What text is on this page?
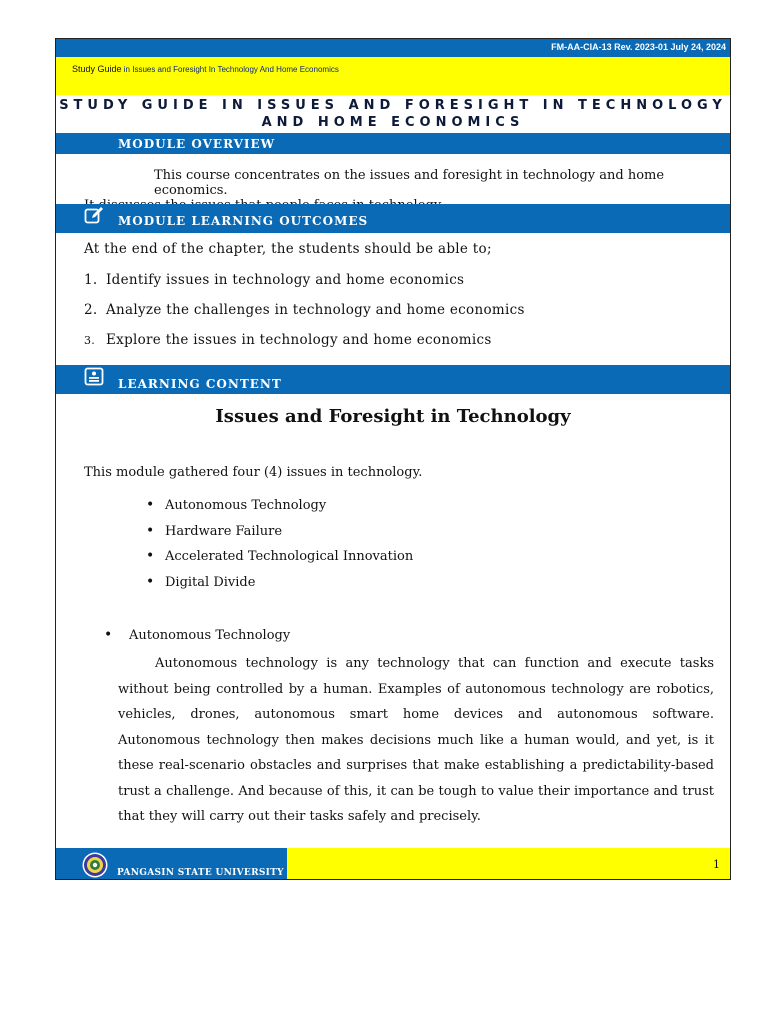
FM-AA-CIA-13 Rev. 2023-01 July 24, 2024
Study Guide in Issues and Foresight In Technology And Home Economics
STUDY GUIDE IN ISSUES AND FORESIGHT IN TECHNOLOGY
AND HOME ECONOMICS
MODULE OVERVIEW
This course concentrates on the issues and foresight in technology and home economics.
MODULE LEARNING OUTCOMES
At the end of the chapter, the students should be able to;
1. Identify issues in technology and home economics
2. Analyze the challenges in technology and home economics
3. Explore the issues in technology and home economics
LEARNING CONTENT
Issues and Foresight in Technology
This module gathered four (4) issues in technology.
• Autonomous Technology
• Hardware Failure
• Accelerated Technological Innovation
• Digital Divide
• Autonomous Technology

Autonomous technology is any technology that can function and execute tasks without being controlled by a human. Examples of autonomous technology are robotics, vehicles, drones, autonomous smart home devices and autonomous software. Autonomous technology then makes decisions much like a human would, and yet, is it these real-scenario obstacles and surprises that make establishing a predictability-based trust a challenge. And because of this, it can be tough to value their importance and trust that they will carry out their tasks safely and precisely.

PANGASIN STATE UNIVERSITY
1
